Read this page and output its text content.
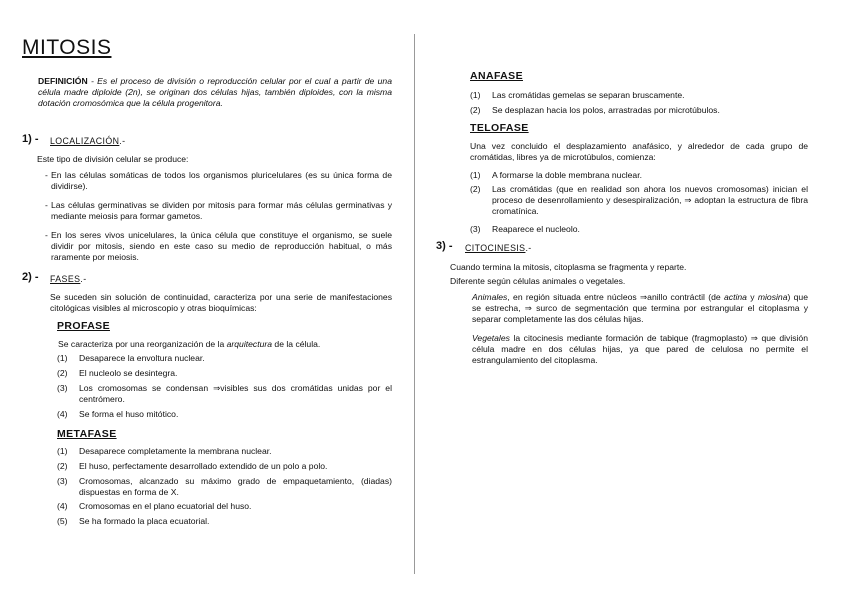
MITOSIS

DEFINICIÓN - Es el proceso de división o reproducción celular por el cual a partir de una célula madre diploide (2n), se originan dos células hijas, también diploides, con la misma dotación cromosómica que la célula progenitora.

1) - LOCALIZACIÓN.-

Este tipo de división celular se produce:

- En las células somáticas de todos los organismos pluricelulares (es su única forma de dividirse).
- Las células germinativas se dividen por mitosis para formar más células germinativas y mediante meiosis para formar gametos.
- En los seres vivos unicelulares, la única célula que constituye el organismo, se suele dividir por mitosis, siendo en este caso su medio de reproducción habitual, o más raramente por meiosis.
2) - FASES.-

Se suceden sin solución de continuidad, caracteriza por una serie de manifestaciones citológicas visibles al microscopio y otras bioquímicas:

PROFASE

Se caracteriza por una reorganización de la arquitectura de la célula.

(1)	Desaparece la envoltura nuclear.
(2)	El nucleolo se desintegra.
(3)	Los cromosomas se condensan ⇒visibles sus dos cromátidas unidas por el centrómero.
(4)	Se forma el huso mitótico.
METAFASE
(1)	Desaparece completamente la membrana nuclear.
(2)	El huso, perfectamente desarrollado extendido de un polo a polo.
(3)	Cromosomas, alcanzado su máximo grado de empaquetamiento, (diadas) dispuestas en forma de X.
(4)	Cromosomas en el plano ecuatorial del huso.
(5)	Se ha formado la placa ecuatorial.
ANAFASE
(1)	Las cromátidas gemelas se separan bruscamente.
(2)	Se desplazan hacia los polos, arrastradas por microtúbulos.
TELOFASE

Una vez concluido el desplazamiento anafásico, y alrededor de cada grupo de cromátidas, libres ya de microtúbulos, comienza:

(1)	A formarse la doble membrana nuclear.
(2)	Las cromátidas (que en realidad son ahora los nuevos cromosomas) inician el proceso de desenrollamiento y desespiralización, ⇒ adoptan la estructura de fibra cromatínica.
(3)	Reaparece el nucleolo.
3) - CITOCINESIS.-

Cuando termina la mitosis, citoplasma se fragmenta y reparte.

Diferente según células animales o vegetales.

Animales, en región situada entre núcleos ⇒anillo contráctil (de actina y miosina) que se estrecha, ⇒ surco de segmentación que termina por estrangular el citoplasma y separar completamente las dos células hijas.

Vegetales la citocinesis mediante formación de tabique (fragmoplasto) ⇒ que división célula madre en dos células hijas, ya que pared de celulosa no permite el estrangulamiento del citoplasma.
